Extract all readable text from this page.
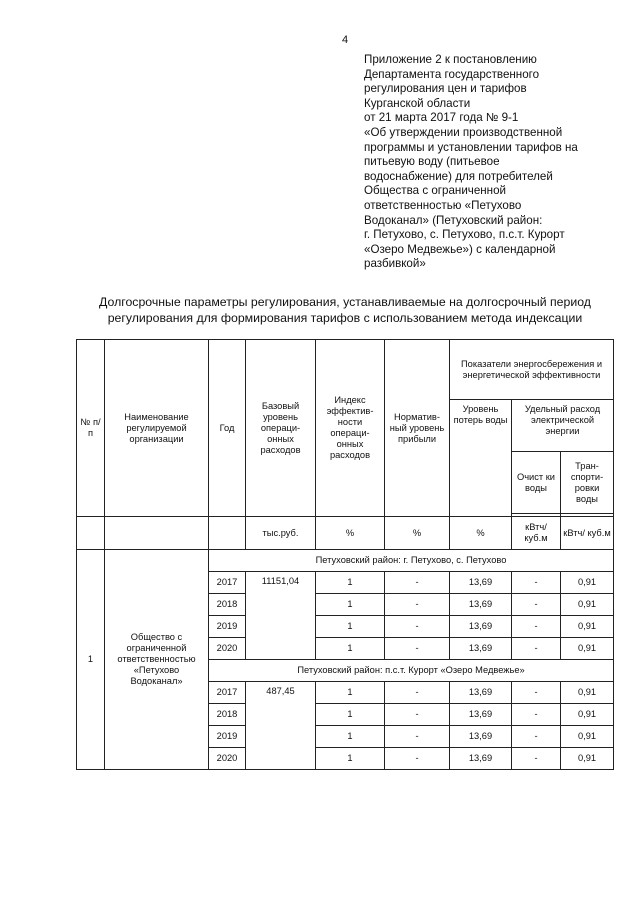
4
Приложение 2 к постановлению
Департамента государственного
регулирования цен и тарифов
Курганской области
от 21 марта 2017 года № 9-1
«Об утверждении производственной
программы и установлении тарифов на
питьевую воду (питьевое
водоснабжение) для потребителей
Общества с ограниченной
ответственностью «Петухово
Водоканал» (Петуховский район:
г. Петухово, с. Петухово, п.с.т. Курорт
«Озеро Медвежье») с календарной
разбивкой»
Долгосрочные параметры регулирования, устанавливаемые на долгосрочный период
регулирования для формирования тарифов с использованием метода индексации
№ п/п	Наименование регулируемой организации	Год	Базовый уровень операци-онных расходов	Индекс эффектив-ности операци-онных расходов	Норматив-ный уровень прибыли	Показатели энергосбережения и энергетической эффективности		
						Уровень потерь воды	Удельный расход электрической энергии	
							Очист ки воды	Тран-спорти-ровки воды

			тыс.руб.	%	%	%	кВтч/ куб.м	кВтч/ куб.м
1	Общество с ограниченной ответственностью «Петухово Водоканал»	Петуховский район: г. Петухово, с. Петухово						
		2017	11151,04	1	-	13,69	-	0,91
		2018		1	-	13,69	-	0,91
		2019		1	-	13,69	-	0,91
		2020		1	-	13,69	-	0,91
		Петуховский район: п.с.т. Курорт «Озеро Медвежье»						
		2017	487,45	1	-	13,69	-	0,91
		2018		1	-	13,69	-	0,91
		2019		1	-	13,69	-	0,91
		2020		1	-	13,69	-	0,91
